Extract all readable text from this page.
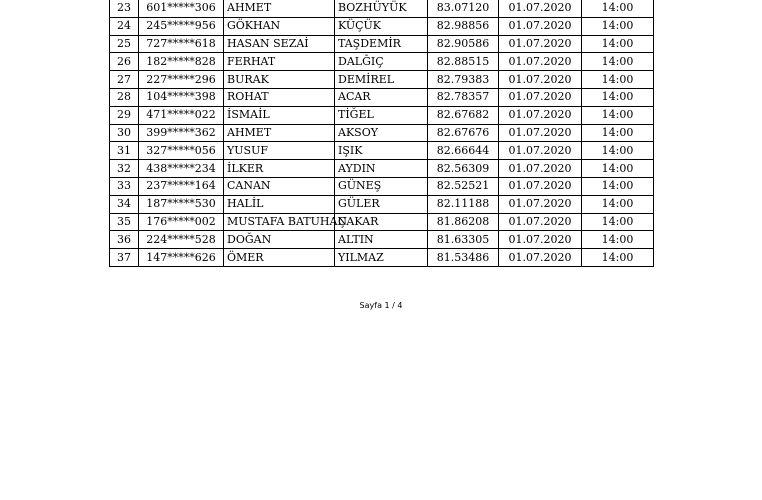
23	601*****306	AHMET	BOZHÜYÜK	83.07120	01.07.2020	14:00
24	245*****956	GÖKHAN	KÜÇÜK	82.98856	01.07.2020	14:00
25	727*****618	HASAN SEZAİ	TAŞDEMİR	82.90586	01.07.2020	14:00
26	182*****828	FERHAT	DALĞIÇ	82.88515	01.07.2020	14:00
27	227*****296	BURAK	DEMİREL	82.79383	01.07.2020	14:00
28	104*****398	ROHAT	ACAR	82.78357	01.07.2020	14:00
29	471*****022	İSMAİL	TİĞEL	82.67682	01.07.2020	14:00
30	399*****362	AHMET	AKSOY	82.67676	01.07.2020	14:00
31	327*****056	YUSUF	IŞIK	82.66644	01.07.2020	14:00
32	438*****234	İLKER	AYDIN	82.56309	01.07.2020	14:00
33	237*****164	CANAN	GÜNEŞ	82.52521	01.07.2020	14:00
34	187*****530	HALİL	GÜLER	82.11188	01.07.2020	14:00
35	176*****002	MUSTAFA BATUHAN	ÇAKAR	81.86208	01.07.2020	14:00
36	224*****528	DOĞAN	ALTIN	81.63305	01.07.2020	14:00
37	147*****626	ÖMER	YILMAZ	81.53486	01.07.2020	14:00
Sayfa 1 / 4
